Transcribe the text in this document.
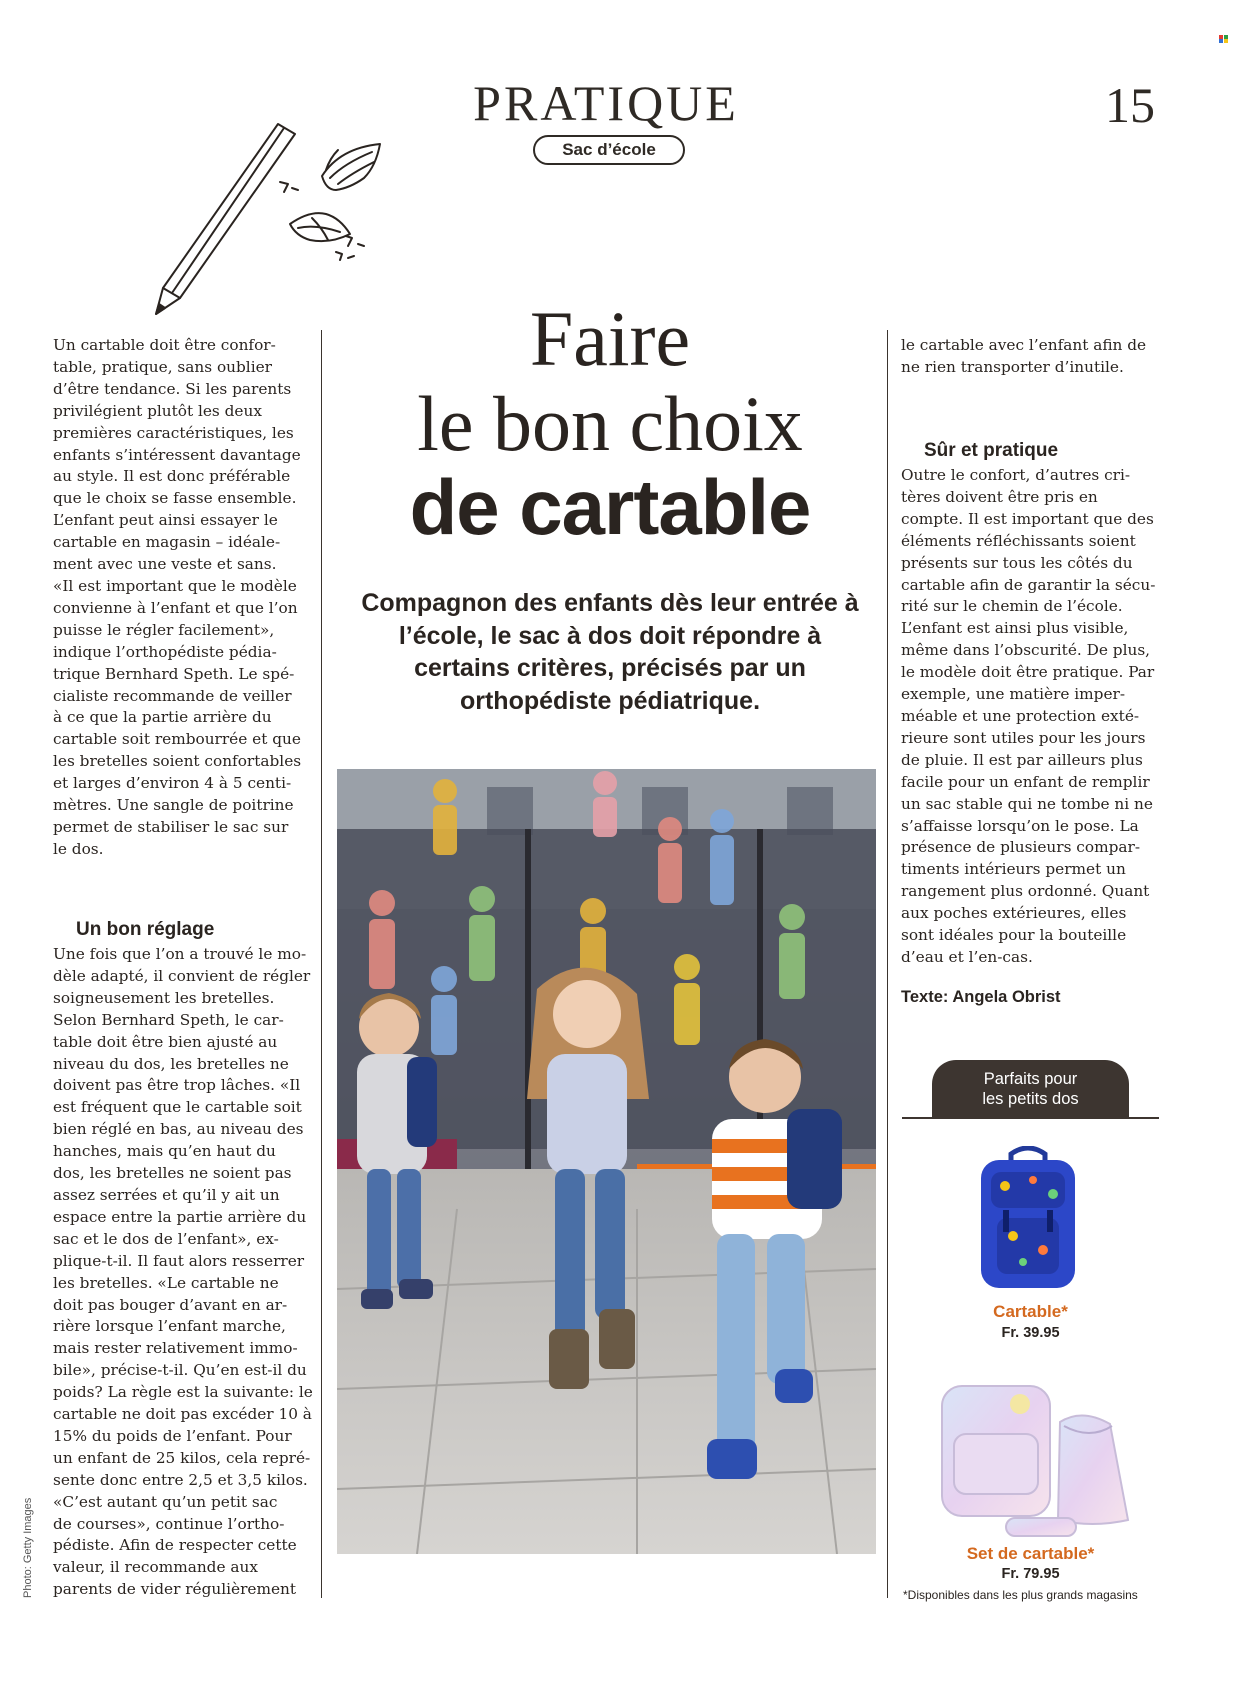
PRATIQUE
Sac d’école
15

Un cartable doit être confor-
table, pratique, sans oublier
d’être tendance. Si les parents
privilégient plutôt les deux
premières caractéristiques, les
enfants s’intéressent davantage
au style. Il est donc préférable
que le choix se fasse ensemble.
L’enfant peut ainsi essayer le
cartable en magasin – idéale-
ment avec une veste et sans.
«Il est important que le modèle
convienne à l’enfant et que l’on
puisse le régler facilement»,
indique l’orthopédiste pédia-
trique Bernhard Speth. Le spé-
cialiste recommande de veiller
à ce que la partie arrière du
cartable soit rembourrée et que
les bretelles soient confortables
et larges d’environ 4 à 5 centi-
mètres. Une sangle de poitrine
permet de stabiliser le sac sur
le dos.

Un bon réglage

Une fois que l’on a trouvé le mo-
dèle adapté, il convient de régler
soigneusement les bretelles.
Selon Bernhard Speth, le car-
table doit être bien ajusté au
niveau du dos, les bretelles ne
doivent pas être trop lâches. «Il
est fréquent que le cartable soit
bien réglé en bas, au niveau des
hanches, mais qu’en haut du
dos, les bretelles ne soient pas
assez serrées et qu’il y ait un
espace entre la partie arrière du
sac et le dos de l’enfant», ex-
plique-t-il. Il faut alors resserrer
les bretelles. «Le cartable ne
doit pas bouger d’avant en ar-
rière lorsque l’enfant marche,
mais rester relativement immo-
bile», précise-t-il. Qu’en est-il du
poids? La règle est la suivante: le
cartable ne doit pas excéder 10 à
15% du poids de l’enfant. Pour
un enfant de 25 kilos, cela repré-
sente donc entre 2,5 et 3,5 kilos.
«C’est autant qu’un petit sac
de courses», continue l’ortho-
pédiste. Afin de respecter cette
valeur, il recommande aux
parents de vider régulièrement

Faire
le bon choix
de cartable

Compagnon des enfants dès leur entrée à l’école, le sac à dos doit répondre à certains critères, précisés par un orthopédiste pédiatrique.

Photo: Getty Images

le cartable avec l’enfant afin de
ne rien transporter d’inutile.

Sûr et pratique

Outre le confort, d’autres cri-
tères doivent être pris en
compte. Il est important que des
éléments réfléchissants soient
présents sur tous les côtés du
cartable afin de garantir la sécu-
rité sur le chemin de l’école.
L’enfant est ainsi plus visible,
même dans l’obscurité. De plus,
le modèle doit être pratique. Par
exemple, une matière imper-
méable et une protection exté-
rieure sont utiles pour les jours
de pluie. Il est par ailleurs plus
facile pour un enfant de remplir
un sac stable qui ne tombe ni ne
s’affaisse lorsqu’on le pose. La
présence de plusieurs compar-
timents intérieurs permet un
rangement plus ordonné. Quant
aux poches extérieures, elles
sont idéales pour la bouteille
d’eau et l’en-cas.

Texte: Angela Obrist
Parfaits pour
les petits dos
Cartable*
Fr. 39.95
Set de cartable*
Fr. 79.95
*Disponibles dans les plus grands magasins
